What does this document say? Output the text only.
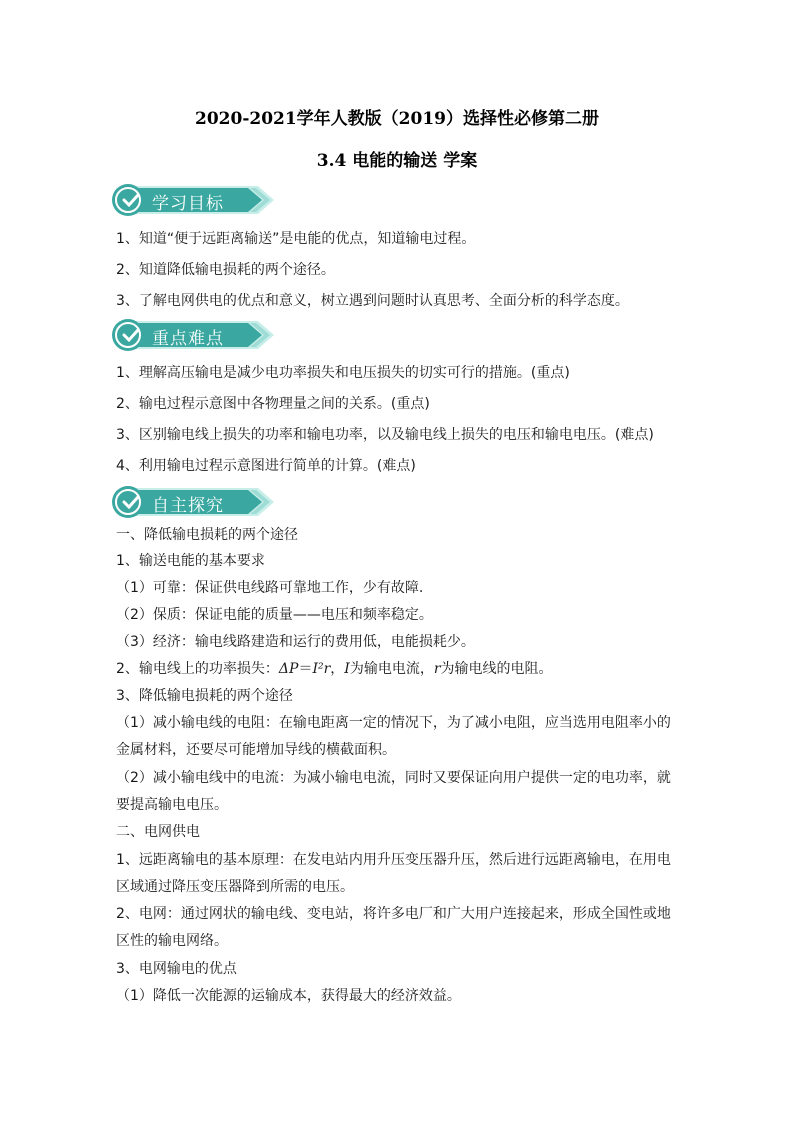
2020-2021学年人教版（2019）选择性必修第二册
3.4 电能的输送 学案
学习目标
1、知道“便于远距离输送”是电能的优点，知道输电过程。
2、知道降低输电损耗的两个途径。
3、了解电网供电的优点和意义，树立遇到问题时认真思考、全面分析的科学态度。
重点难点
1、理解高压输电是减少电功率损失和电压损失的切实可行的措施。(重点)
2、输电过程示意图中各物理量之间的关系。(重点)
3、区别输电线上损失的功率和输电功率，以及输电线上损失的电压和输电电压。(难点)
4、利用输电过程示意图进行简单的计算。(难点)
自主探究
一、降低输电损耗的两个途径
1、输送电能的基本要求
（1）可靠：保证供电线路可靠地工作，少有故障.
（2）保质：保证电能的质量——电压和频率稳定。
（3）经济：输电线路建造和运行的费用低，电能损耗少。
2、输电线上的功率损失：ΔP＝I²r，I为输电电流，r为输电线的电阻。
3、降低输电损耗的两个途径
（1）减小输电线的电阻：在输电距离一定的情况下，为了减小电阻，应当选用电阻率小的
金属材料，还要尽可能增加导线的横截面积。
（2）减小输电线中的电流：为减小输电电流，同时又要保证向用户提供一定的电功率，就
要提高输电电压。
二、电网供电
1、远距离输电的基本原理：在发电站内用升压变压器升压，然后进行远距离输电，在用电
区域通过降压变压器降到所需的电压。
2、电网：通过网状的输电线、变电站，将许多电厂和广大用户连接起来，形成全国性或地
区性的输电网络。
3、电网输电的优点
（1）降低一次能源的运输成本，获得最大的经济效益。
